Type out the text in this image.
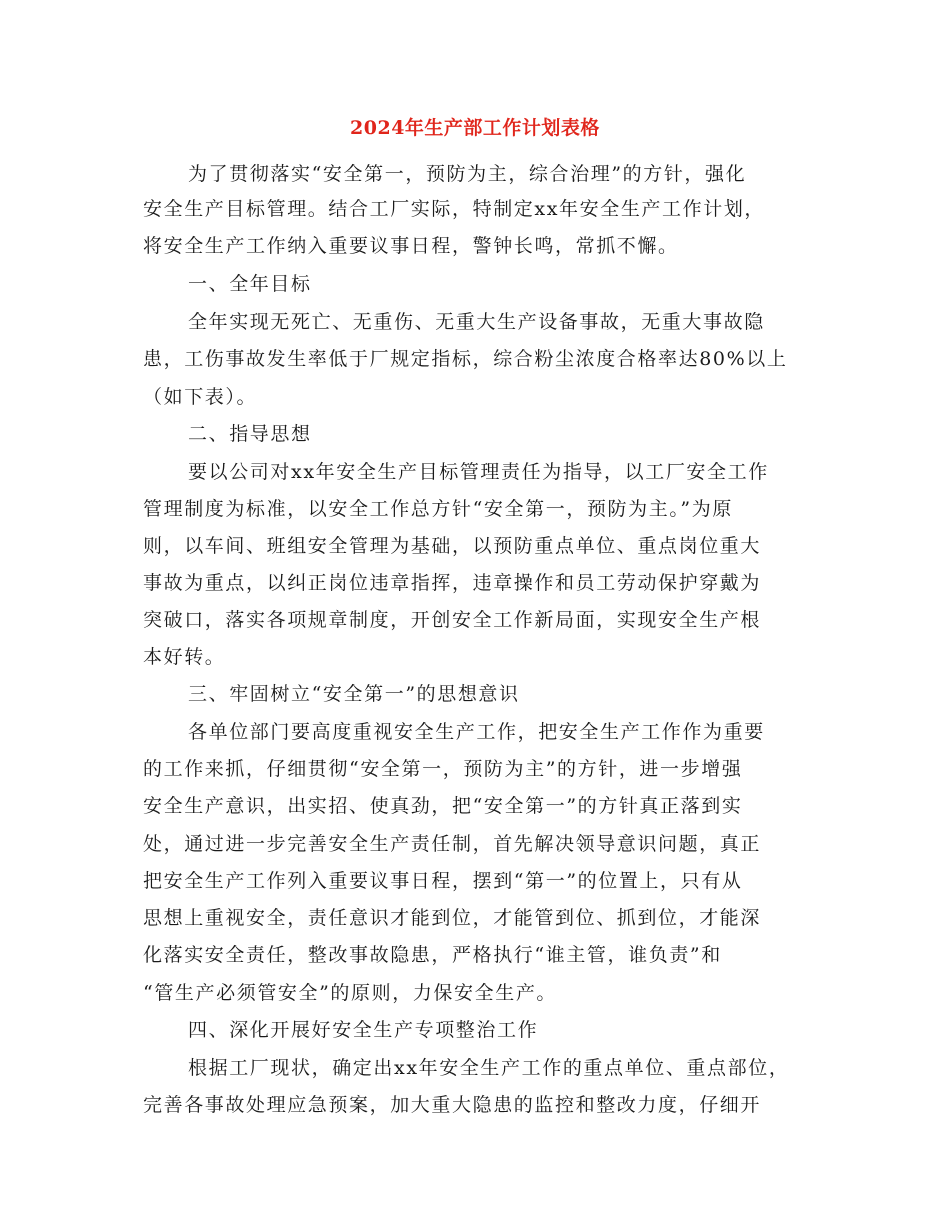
2024年生产部工作计划表格
为了贯彻落实“安全第一，预防为主，综合治理”的方针，强化
安全生产目标管理。结合工厂实际，特制定xx年安全生产工作计划，
将安全生产工作纳入重要议事日程，警钟长鸣，常抓不懈。
一、全年目标
全年实现无死亡、无重伤、无重大生产设备事故，无重大事故隐
患，工伤事故发生率低于厂规定指标，综合粉尘浓度合格率达80%以上
（如下表）。
二、指导思想
要以公司对xx年安全生产目标管理责任为指导，以工厂安全工作
管理制度为标准，以安全工作总方针“安全第一，预防为主。”为原
则，以车间、班组安全管理为基础，以预防重点单位、重点岗位重大
事故为重点，以纠正岗位违章指挥，违章操作和员工劳动保护穿戴为
突破口，落实各项规章制度，开创安全工作新局面，实现安全生产根
本好转。
三、牢固树立“安全第一”的思想意识
各单位部门要高度重视安全生产工作，把安全生产工作作为重要
的工作来抓，仔细贯彻“安全第一，预防为主”的方针，进一步增强
安全生产意识，出实招、使真劲，把“安全第一”的方针真正落到实
处，通过进一步完善安全生产责任制，首先解决领导意识问题，真正
把安全生产工作列入重要议事日程，摆到“第一”的位置上，只有从
思想上重视安全，责任意识才能到位，才能管到位、抓到位，才能深
化落实安全责任，整改事故隐患，严格执行“谁主管，谁负责”和
“管生产必须管安全”的原则，力保安全生产。
四、深化开展好安全生产专项整治工作
根据工厂现状，确定出xx年安全生产工作的重点单位、重点部位，
完善各事故处理应急预案，加大重大隐患的监控和整改力度，仔细开
